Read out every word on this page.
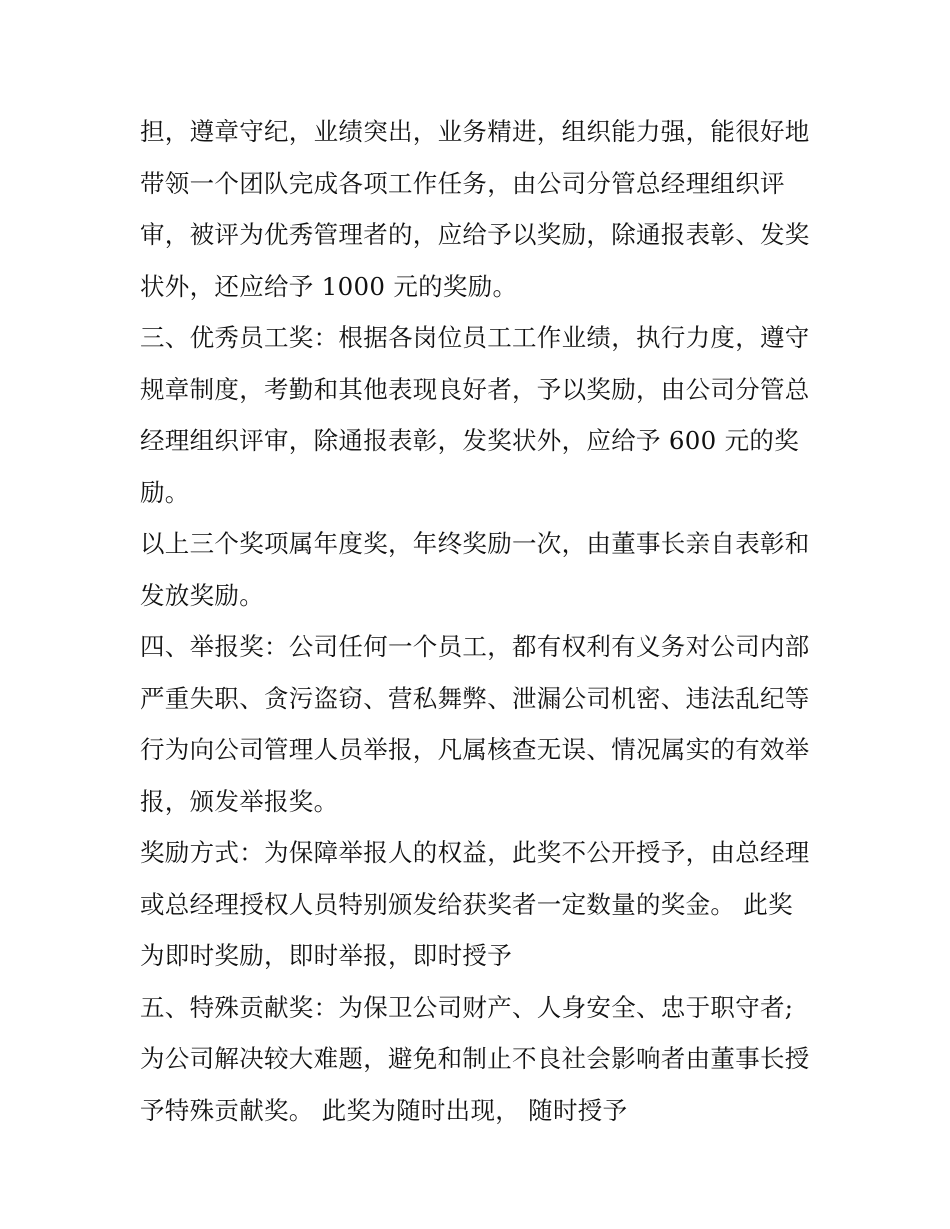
担，遵章守纪，业绩突出，业务精进，组织能力强，能很好地
带领一个团队完成各项工作任务，由公司分管总经理组织评
审，被评为优秀管理者的，应给予以奖励，除通报表彰、发奖
状外，还应给予 1000 元的奖励。
三、优秀员工奖：根据各岗位员工工作业绩，执行力度，遵守
规章制度，考勤和其他表现良好者，予以奖励，由公司分管总
经理组织评审，除通报表彰，发奖状外，应给予 600 元的奖
励。
以上三个奖项属年度奖，年终奖励一次，由董事长亲自表彰和
发放奖励。
四、举报奖：公司任何一个员工，都有权利有义务对公司内部
严重失职、贪污盗窃、营私舞弊、泄漏公司机密、违法乱纪等
行为向公司管理人员举报，凡属核查无误、情况属实的有效举
报，颁发举报奖。
奖励方式：为保障举报人的权益，此奖不公开授予，由总经理
或总经理授权人员特别颁发给获奖者一定数量的奖金。 此奖
为即时奖励，即时举报，即时授予
五、特殊贡献奖：为保卫公司财产、人身安全、忠于职守者;
为公司解决较大难题，避免和制止不良社会影响者由董事长授
予特殊贡献奖。 此奖为随时出现， 随时授予
